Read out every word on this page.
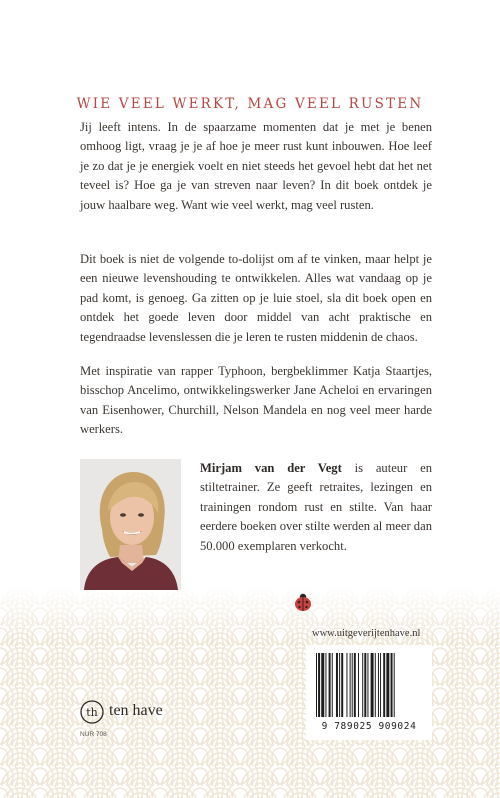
WIE VEEL WERKT, MAG VEEL RUSTEN

Jij leeft intens. In de spaarzame momenten dat je met je benen omhoog ligt, vraag je je af hoe je meer rust kunt inbouwen. Hoe leef je zo dat je je energiek voelt en niet steeds het gevoel hebt dat het net teveel is? Hoe ga je van streven naar leven? In dit boek ontdek je jouw haalbare weg. Want wie veel werkt, mag veel rusten.

Dit boek is niet de volgende to-dolijst om af te vinken, maar helpt je een nieuwe levenshouding te ontwikkelen. Alles wat vandaag op je pad komt, is genoeg. Ga zitten op je luie stoel, sla dit boek open en ontdek het goede leven door middel van acht praktische en tegendraadse levenslessen die je leren te rusten middenin de chaos.

Met inspiratie van rapper Typhoon, bergbeklimmer Katja Staartjes, bisschop Ancelimo, ontwikkelingswerker Jane Acheloi en ervaringen van Eisenhower, Churchill, Nelson Mandela en nog veel meer harde werkers.

Mirjam van der Vegt is auteur en stiltetrainer. Ze geeft retraites, lezingen en trainingen rondom rust en stilte. Van haar eerdere boeken over stilte werden al meer dan 50.000 exemplaren verkocht.

www.uitgeverijtenhave.nl
9 789025 909024
th ten have
NUR 708
